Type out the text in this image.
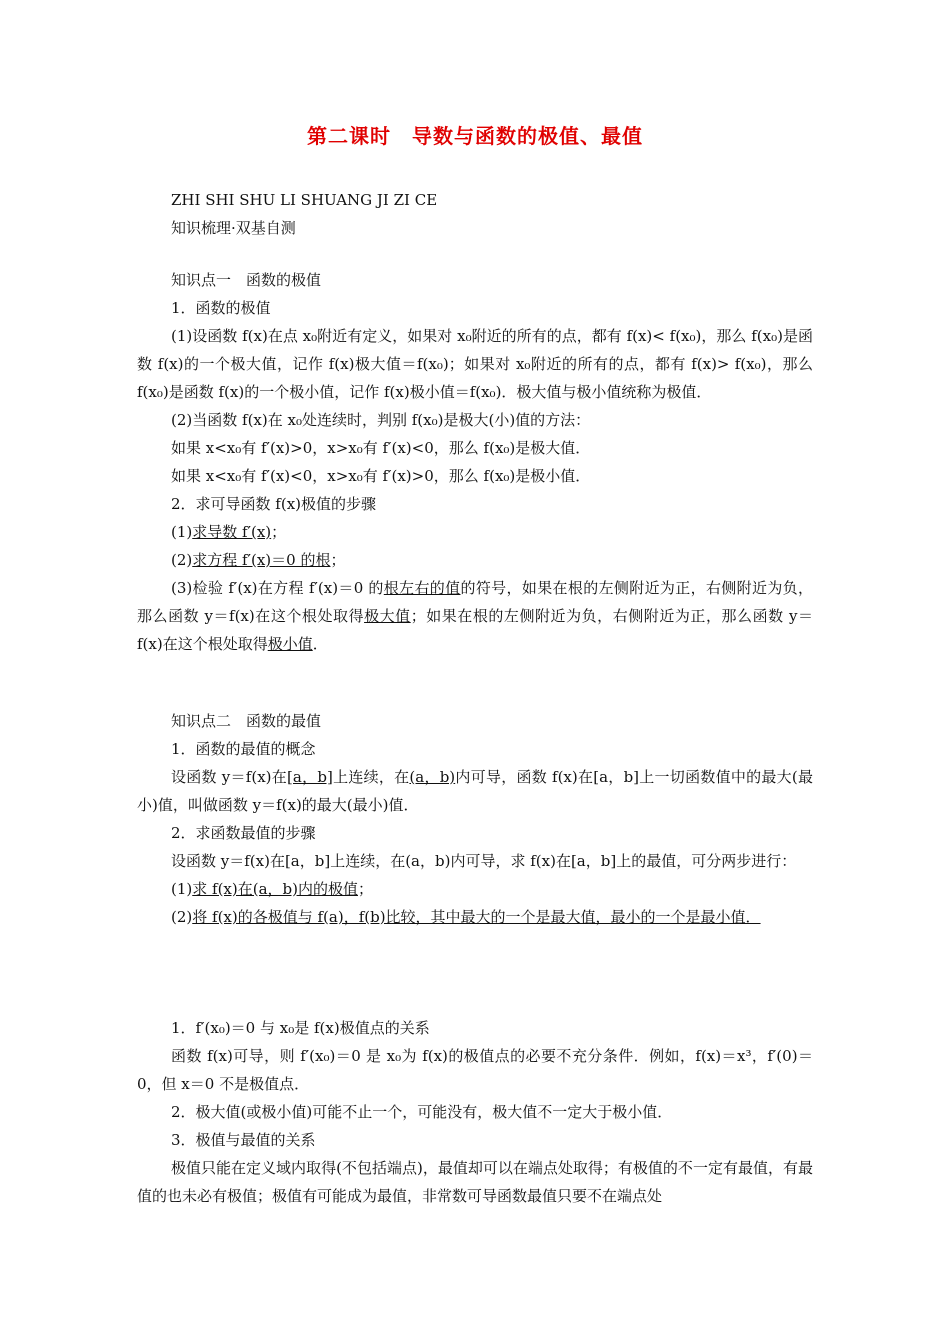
第二课时　导数与函数的极值、最值

ZHI SHI SHU LI SHUANG JI ZI CE

知识梳理·双基自测

知识点一　函数的极值

1．函数的极值

(1)设函数 f(x)在点 x₀附近有定义，如果对 x₀附近的所有的点，都有 f(x)< f(x₀)，那么 f(x₀)是函数 f(x)的一个极大值，记作 f(x)极大值＝f(x₀)；如果对 x₀附近的所有的点，都有 f(x)> f(x₀)，那么 f(x₀)是函数 f(x)的一个极小值，记作 f(x)极小值＝f(x₀)．极大值与极小值统称为极值．

(2)当函数 f(x)在 x₀处连续时，判别 f(x₀)是极大(小)值的方法：

如果 x<x₀有 f′(x)>0，x>x₀有 f′(x)<0，那么 f(x₀)是极大值．

如果 x<x₀有 f′(x)<0，x>x₀有 f′(x)>0，那么 f(x₀)是极小值．

2．求可导函数 f(x)极值的步骤

(1)求导数 f′(x)；

(2)求方程 f′(x)＝0 的根；

(3)检验 f′(x)在方程 f′(x)＝0 的根左右的值的符号，如果在根的左侧附近为正，右侧附近为负，那么函数 y＝f(x)在这个根处取得极大值；如果在根的左侧附近为负，右侧附近为正，那么函数 y＝f(x)在这个根处取得极小值．

知识点二　函数的最值

1．函数的最值的概念

设函数 y＝f(x)在[a，b]上连续，在(a，b)内可导，函数 f(x)在[a，b]上一切函数值中的最大(最小)值，叫做函数 y＝f(x)的最大(最小)值．

2．求函数最值的步骤

设函数 y＝f(x)在[a，b]上连续，在(a，b)内可导，求 f(x)在[a，b]上的最值，可分两步进行：

(1)求 f(x)在(a，b)内的极值；

(2)将 f(x)的各极值与 f(a)，f(b)比较，其中最大的一个是最大值，最小的一个是最小值．

1．f′(x₀)＝0 与 x₀是 f(x)极值点的关系

函数 f(x)可导，则 f′(x₀)＝0 是 x₀为 f(x)的极值点的必要不充分条件．例如，f(x)＝x³，f′(0)＝0，但 x＝0 不是极值点．

2．极大值(或极小值)可能不止一个，可能没有，极大值不一定大于极小值．

3．极值与最值的关系

极值只能在定义域内取得(不包括端点)，最值却可以在端点处取得；有极值的不一定有最值，有最值的也未必有极值；极值有可能成为最值，非常数可导函数最值只要不在端点处
